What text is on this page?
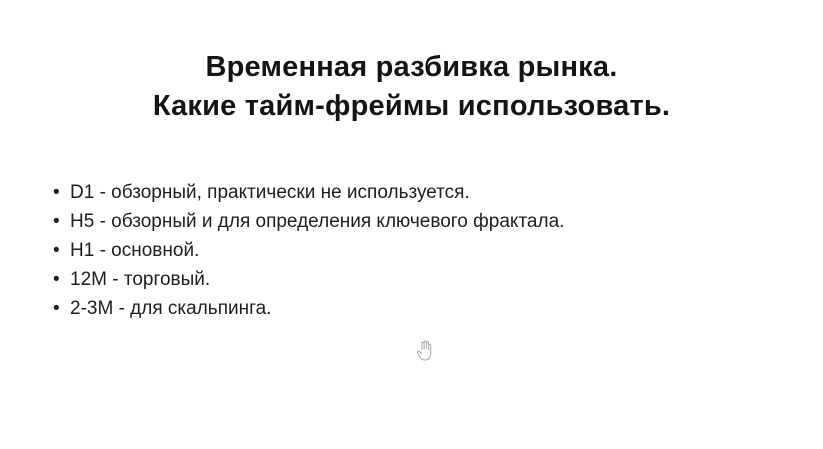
Временная разбивка рынка.
Какие тайм-фреймы использовать.
• D1 - обзорный, практически не используется.
• H5 - обзорный и для определения ключевого фрактала.
• H1 - основной.
• 12M - торговый.
• 2-3M - для скальпинга.
